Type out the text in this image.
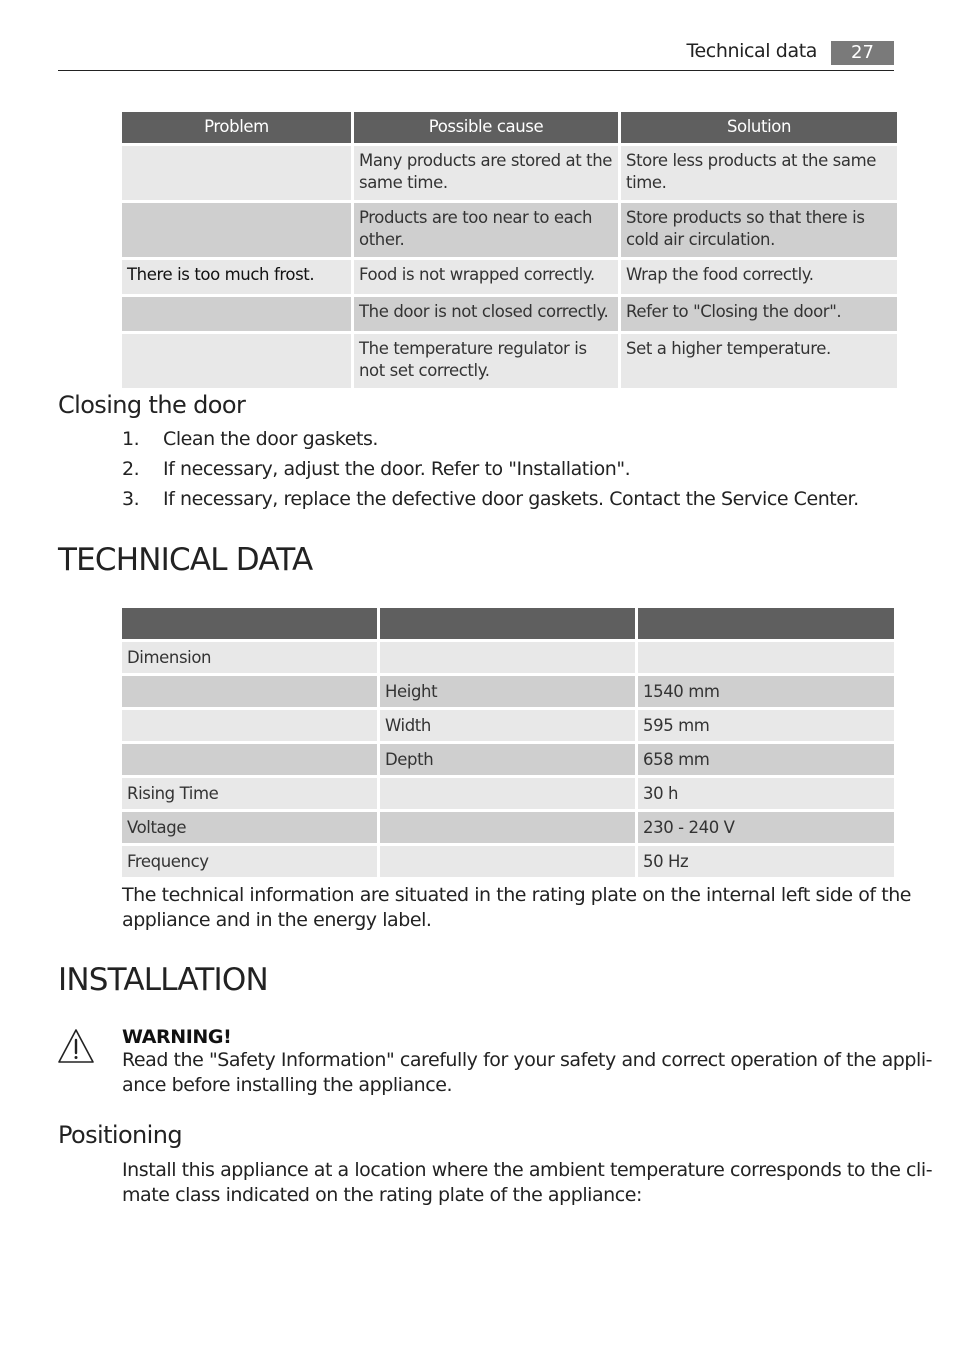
Technical data	27
Problem	Possible cause	Solution
	Many products are stored at the same time.	Store less products at the same time.
	Products are too near to each other.	Store products so that there is cold air circulation.
There is too much frost.	Food is not wrapped correctly.	Wrap the food correctly.
	The door is not closed correctly.	Refer to "Closing the door".
	The temperature regulator is not set correctly.	Set a higher temperature.
Closing the door
1. Clean the door gaskets.
2. If necessary, adjust the door. Refer to "Installation".
3. If necessary, replace the defective door gaskets. Contact the Service Center.
TECHNICAL DATA

Dimension		
	Height	1540 mm
	Width	595 mm
	Depth	658 mm
Rising Time		30 h
Voltage		230 - 240 V
Frequency		50 Hz
The technical information are situated in the rating plate on the internal left side of the
appliance and in the energy label.
INSTALLATION
WARNING!
Read the "Safety Information" carefully for your safety and correct operation of the appli-
ance before installing the appliance.
Positioning
Install this appliance at a location where the ambient temperature corresponds to the cli-
mate class indicated on the rating plate of the appliance:
